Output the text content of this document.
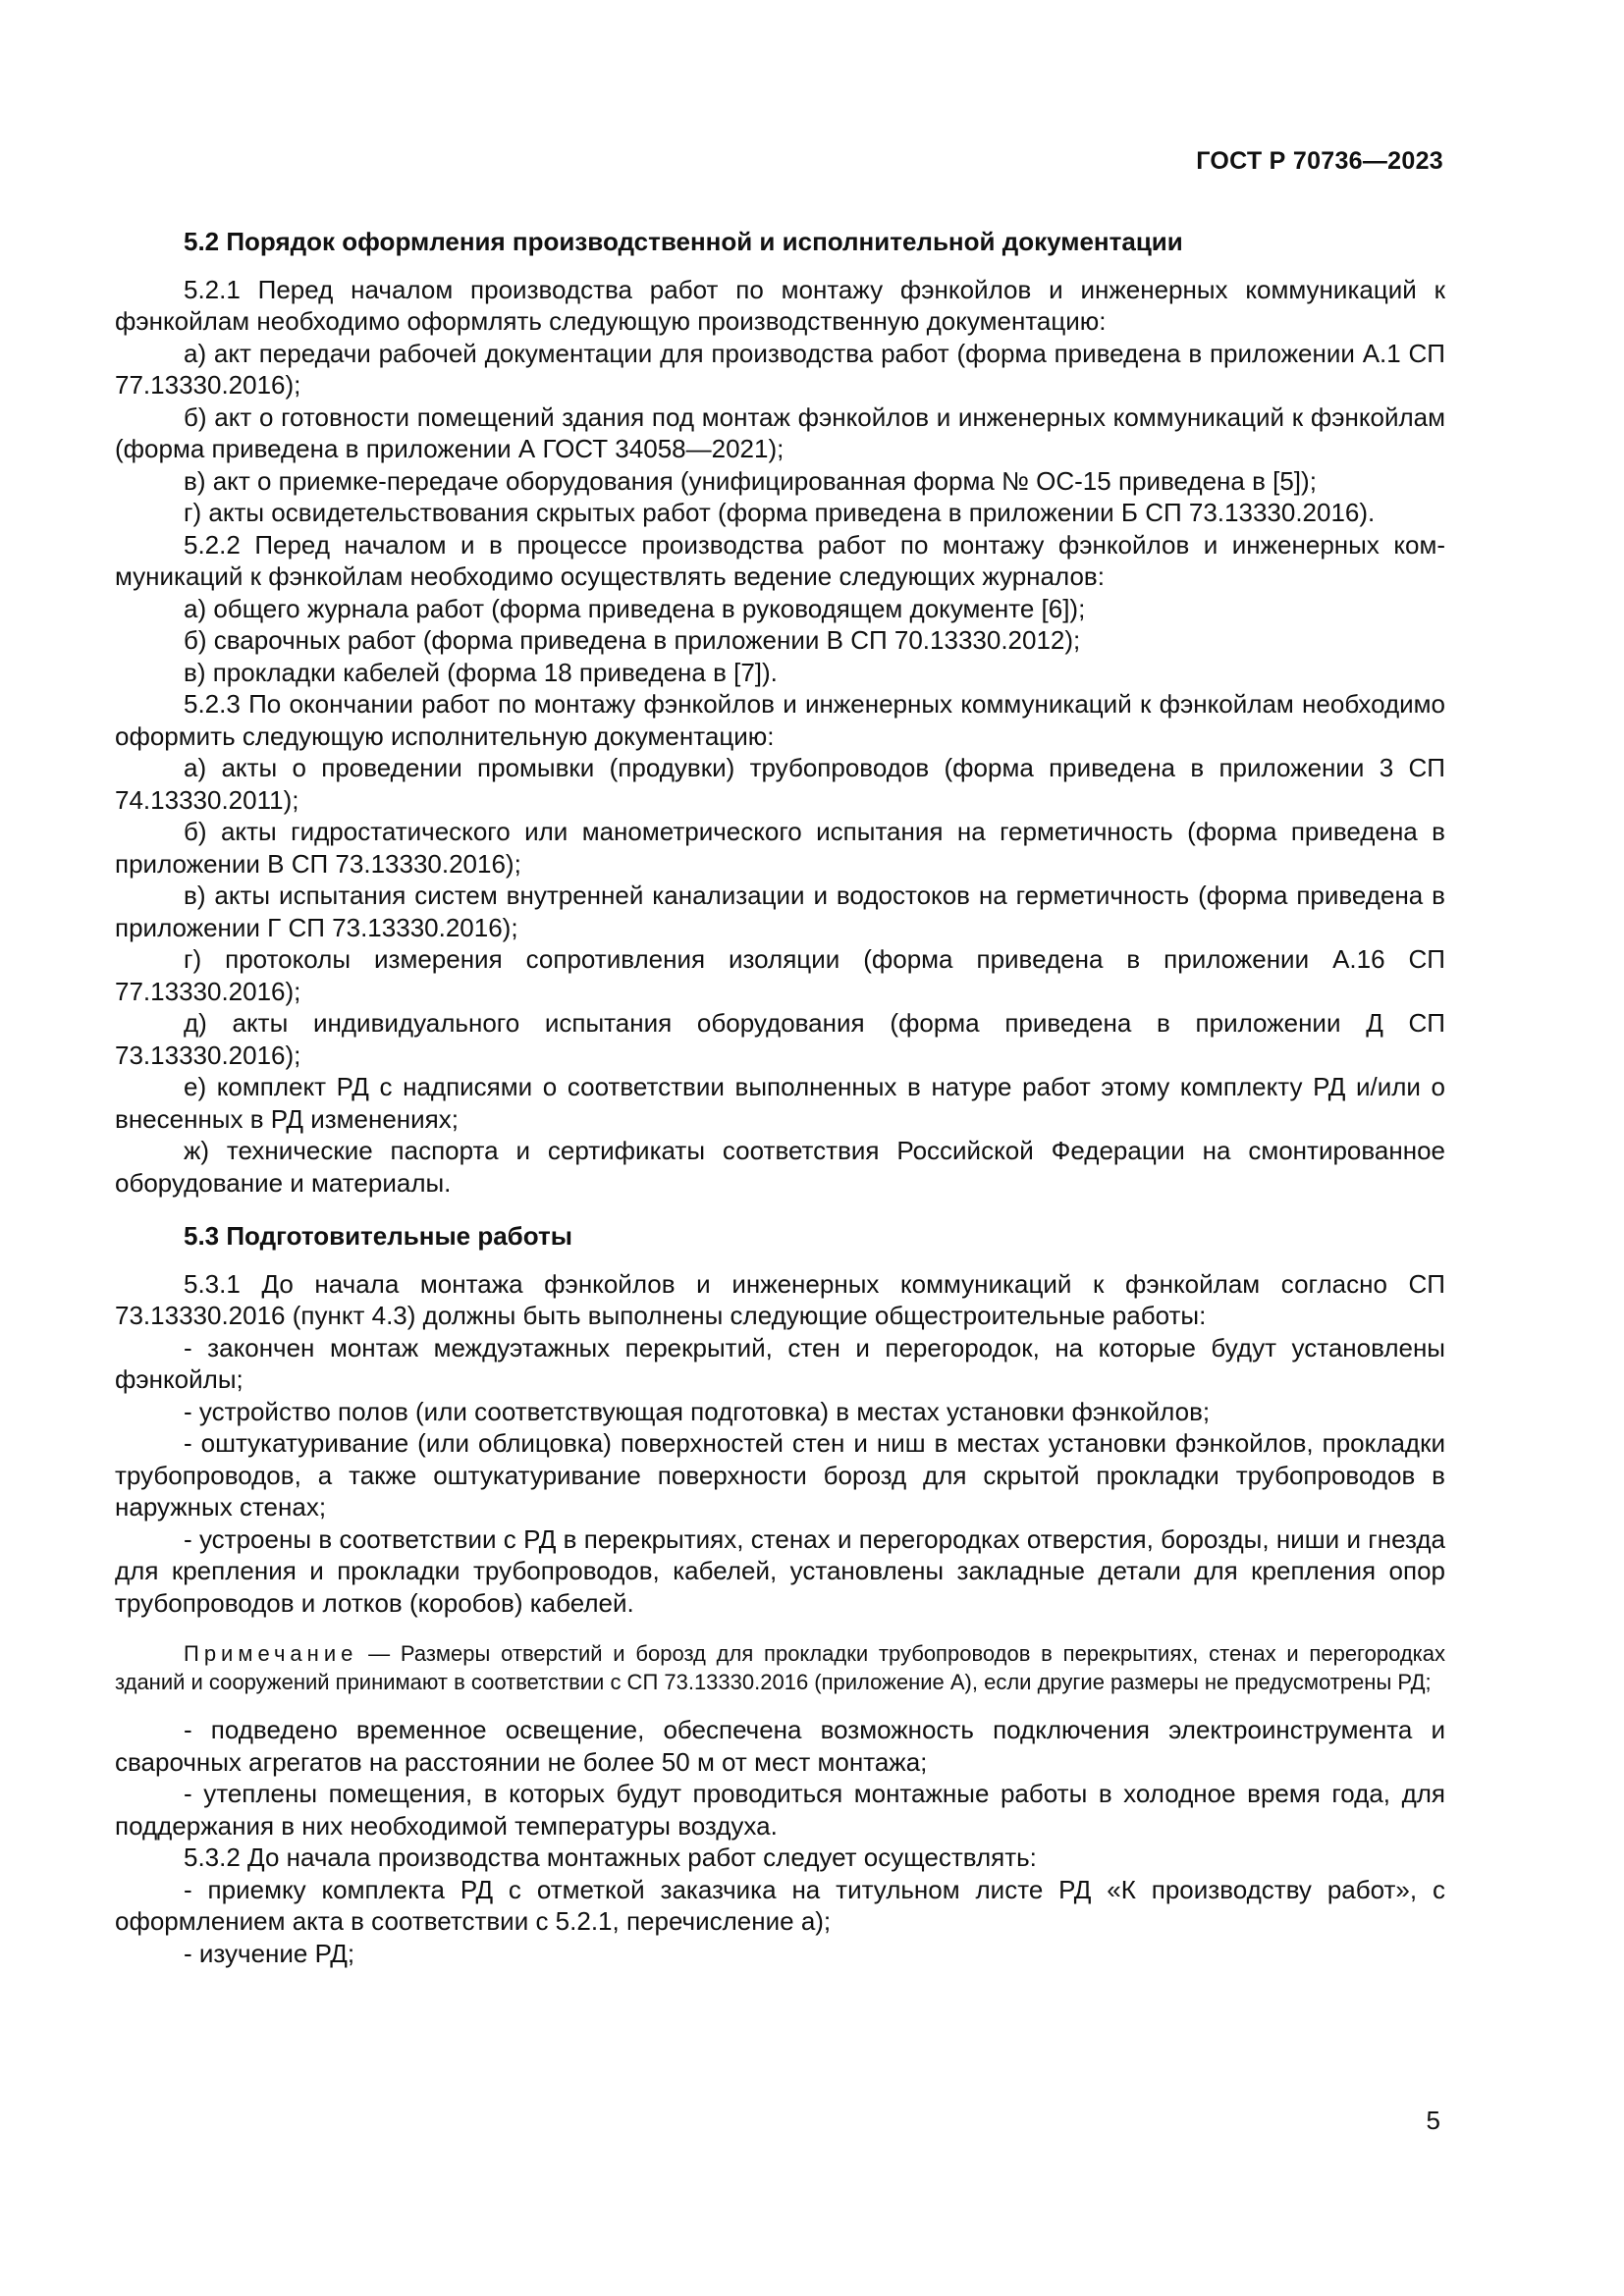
ГОСТ Р 70736—2023

5.2 Порядок оформления производственной и исполнительной документации

5.2.1 Перед началом производства работ по монтажу фэнкойлов и инженерных коммуникаций к фэнкойлам необходимо оформлять следующую производственную документацию:

а) акт передачи рабочей документации для производства работ (форма приведена в приложении А.1 СП 77.13330.2016);

б) акт о готовности помещений здания под монтаж фэнкойлов и инженерных коммуникаций к фэнкойлам (форма приведена в приложении А ГОСТ 34058—2021);

в) акт о приемке-передаче оборудования (унифицированная форма № ОС-15 приведена в [5]);

г) акты освидетельствования скрытых работ (форма приведена в приложении Б СП 73.13330.2016).

5.2.2 Перед началом и в процессе производства работ по монтажу фэнкойлов и инженерных коммуникаций к фэнкойлам необходимо осуществлять ведение следующих журналов:

а) общего журнала работ (форма приведена в руководящем документе [6]);

б) сварочных работ (форма приведена в приложении В СП 70.13330.2012);

в) прокладки кабелей (форма 18 приведена в [7]).

5.2.3 По окончании работ по монтажу фэнкойлов и инженерных коммуникаций к фэнкойлам необходимо оформить следующую исполнительную документацию:

а) акты о проведении промывки (продувки) трубопроводов (форма приведена в приложении 3 СП 74.13330.2011);

б) акты гидростатического или манометрического испытания на герметичность (форма приведена в приложении В СП 73.13330.2016);

в) акты испытания систем внутренней канализации и водостоков на герметичность (форма приведена в приложении Г СП 73.13330.2016);

г) протоколы измерения сопротивления изоляции (форма приведена в приложении А.16 СП 77.13330.2016);

д) акты индивидуального испытания оборудования (форма приведена в приложении Д СП 73.13330.2016);

е) комплект РД с надписями о соответствии выполненных в натуре работ этому комплекту РД и/или о внесенных в РД изменениях;

ж) технические паспорта и сертификаты соответствия Российской Федерации на смонтированное оборудование и материалы.

5.3 Подготовительные работы

5.3.1 До начала монтажа фэнкойлов и инженерных коммуникаций к фэнкойлам согласно СП 73.13330.2016 (пункт 4.3) должны быть выполнены следующие общестроительные работы:

- закончен монтаж междуэтажных перекрытий, стен и перегородок, на которые будут установлены фэнкойлы;

- устройство полов (или соответствующая подготовка) в местах установки фэнкойлов;

- оштукатуривание (или облицовка) поверхностей стен и ниш в местах установки фэнкойлов, прокладки трубопроводов, а также оштукатуривание поверхности борозд для скрытой прокладки трубопроводов в наружных стенах;

- устроены в соответствии с РД в перекрытиях, стенах и перегородках отверстия, борозды, ниши и гнезда для крепления и прокладки трубопроводов, кабелей, установлены закладные детали для крепления опор трубопроводов и лотков (коробов) кабелей.

Примечание — Размеры отверстий и борозд для прокладки трубопроводов в перекрытиях, стенах и перегородках зданий и сооружений принимают в соответствии с СП 73.13330.2016 (приложение А), если другие размеры не предусмотрены РД;

- подведено временное освещение, обеспечена возможность подключения электроинструмента и сварочных агрегатов на расстоянии не более 50 м от мест монтажа;

- утеплены помещения, в которых будут проводиться монтажные работы в холодное время года, для поддержания в них необходимой температуры воздуха.

5.3.2 До начала производства монтажных работ следует осуществлять:

- приемку комплекта РД с отметкой заказчика на титульном листе РД «К производству работ», с оформлением акта в соответствии с 5.2.1, перечисление а);

- изучение РД;

5
